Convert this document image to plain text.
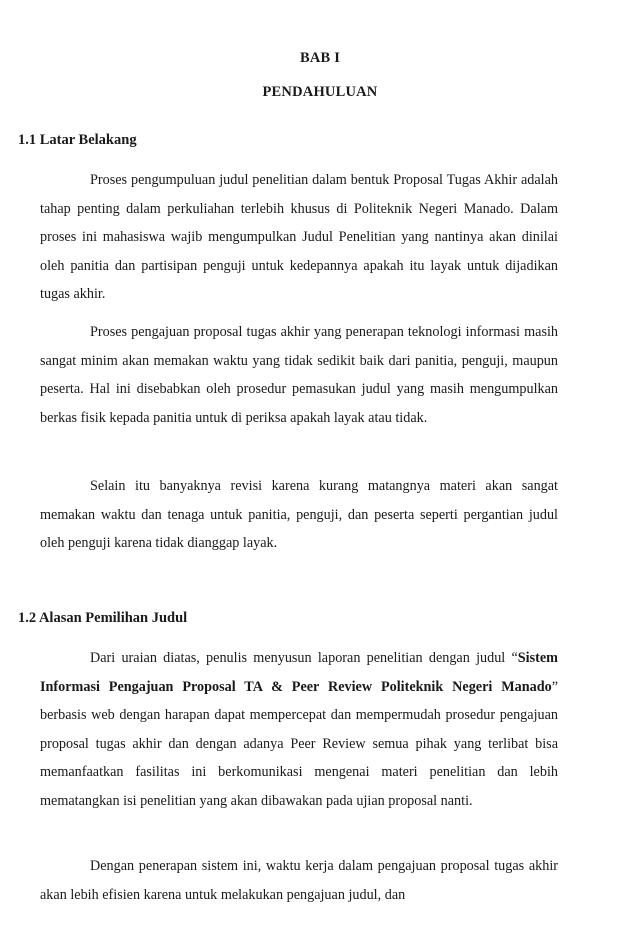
BAB I
PENDAHULUAN
1.1 Latar Belakang

Proses pengumpuluan judul penelitian dalam bentuk Proposal Tugas Akhir adalah tahap penting dalam perkuliahan terlebih khusus di Politeknik Negeri Manado. Dalam proses ini mahasiswa wajib mengumpulkan Judul Penelitian yang nantinya akan dinilai oleh panitia dan partisipan penguji untuk kedepannya apakah itu layak untuk dijadikan tugas akhir.

Proses pengajuan proposal tugas akhir yang penerapan teknologi informasi masih sangat minim akan memakan waktu yang tidak sedikit baik dari panitia, penguji, maupun peserta. Hal ini disebabkan oleh prosedur pemasukan judul yang masih mengumpulkan berkas fisik kepada panitia untuk di periksa apakah layak atau tidak.

Selain itu banyaknya revisi karena kurang matangnya materi akan sangat memakan waktu dan tenaga untuk panitia, penguji, dan peserta seperti pergantian judul oleh penguji karena tidak dianggap layak.

1.2 Alasan Pemilihan Judul

Dari uraian diatas, penulis menyusun laporan penelitian dengan judul “Sistem Informasi Pengajuan Proposal TA & Peer Review Politeknik Negeri Manado” berbasis web dengan harapan dapat mempercepat dan mempermudah prosedur pengajuan proposal tugas akhir dan dengan adanya Peer Review semua pihak yang terlibat bisa memanfaatkan fasilitas ini berkomunikasi mengenai materi penelitian dan lebih mematangkan isi penelitian yang akan dibawakan pada ujian proposal nanti.

Dengan penerapan sistem ini, waktu kerja dalam pengajuan proposal tugas akhir akan lebih efisien karena untuk melakukan pengajuan judul, dan
